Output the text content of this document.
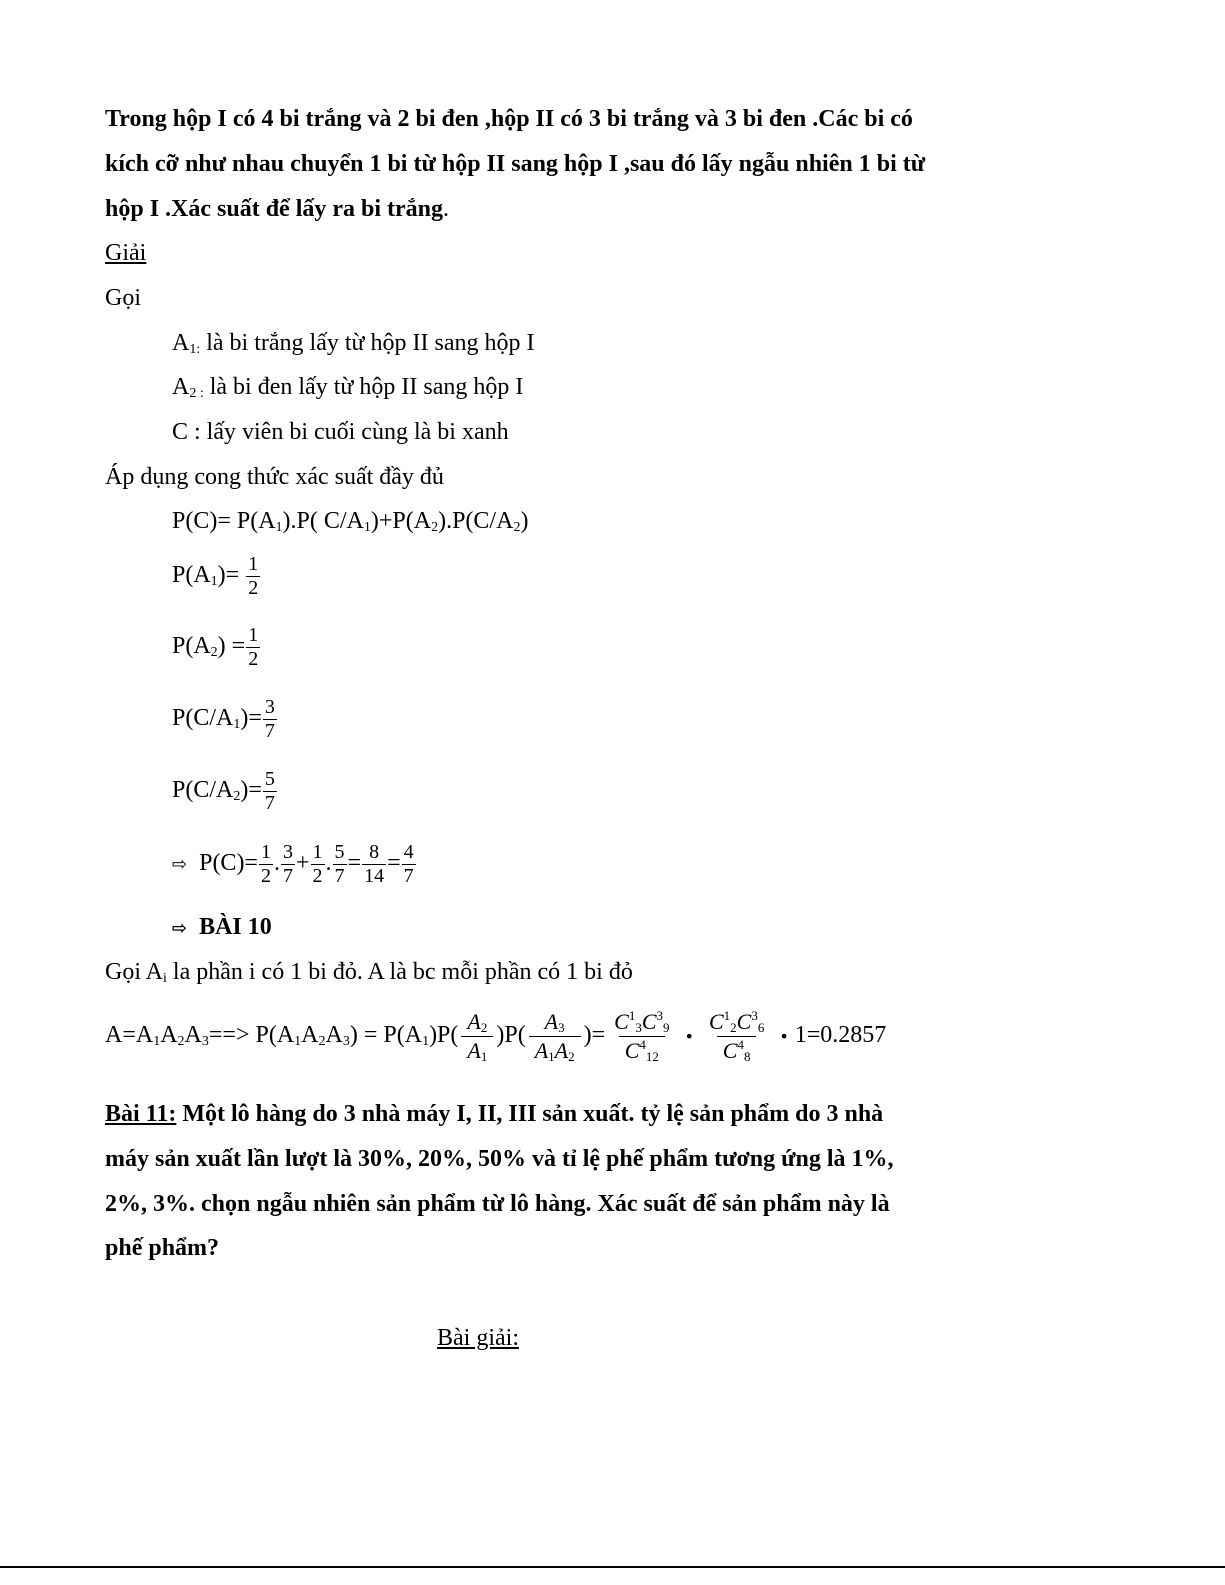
Trong hộp I có 4 bi trắng và 2 bi đen ,hộp II có 3 bi trắng và 3 bi đen .Các bi có
kích cỡ như nhau chuyển 1 bi từ hộp II sang hộp I ,sau đó lấy ngẫu nhiên 1 bi từ
hộp I .Xác suất để lấy ra bi trắng.
Giải
Gọi
$A_{1:}$ là bi trắng lấy từ hộp II sang hộp I
$A_{2 :}$ là bi đen lấy từ hộp II sang hộp I
C : lấy viên bi cuối cùng là bi xanh
Áp dụng cong thức xác suất đầy đủ
$P(C)= P(A_1).P$( $C/A_1)+P(A_2).P(C/A_2)$
$P(A_1)= \frac{1}{2}$
$P(A_2) = \frac{1}{2}$
$P(C/A_1)= \frac{3}{7}$
$P(C/A_2)= \frac{5}{7}$
⇨ $P(C)= \frac{1}{2}$ . $\frac{3}{7} + \frac{1}{2}$ . $\frac{5}{7} = \frac{8}{14} = \frac{4}{7}$
⇨ BÀI 10
Gọi $A_i$ la phần i có 1 bi đỏ. A là bc mỗi phần có 1 bi đỏ
$A=A_1A_2A_3==> P(A_1A_2A_3) = P(A_1)P( \frac{A_2}{A_1} )P( \frac{A_3}{A_1A_2}$ )= $\frac{C^1_3C^3_9}{C^4_{12}}$ • $\frac{C^1_2C^3_6}{C^4_8}$ • 1=0.2857
Bài 11: Một lô hàng do 3 nhà máy I, II, III sản xuất. tỷ lệ sản phẩm do 3 nhà
máy sản xuất lần lượt là 30%, 20%, 50% và tỉ lệ phế phẩm tương ứng là 1%,
2%, 3%. chọn ngẫu nhiên sản phẩm từ lô hàng. Xác suất để sản phẩm này là
phế phẩm?
Bài giải:
